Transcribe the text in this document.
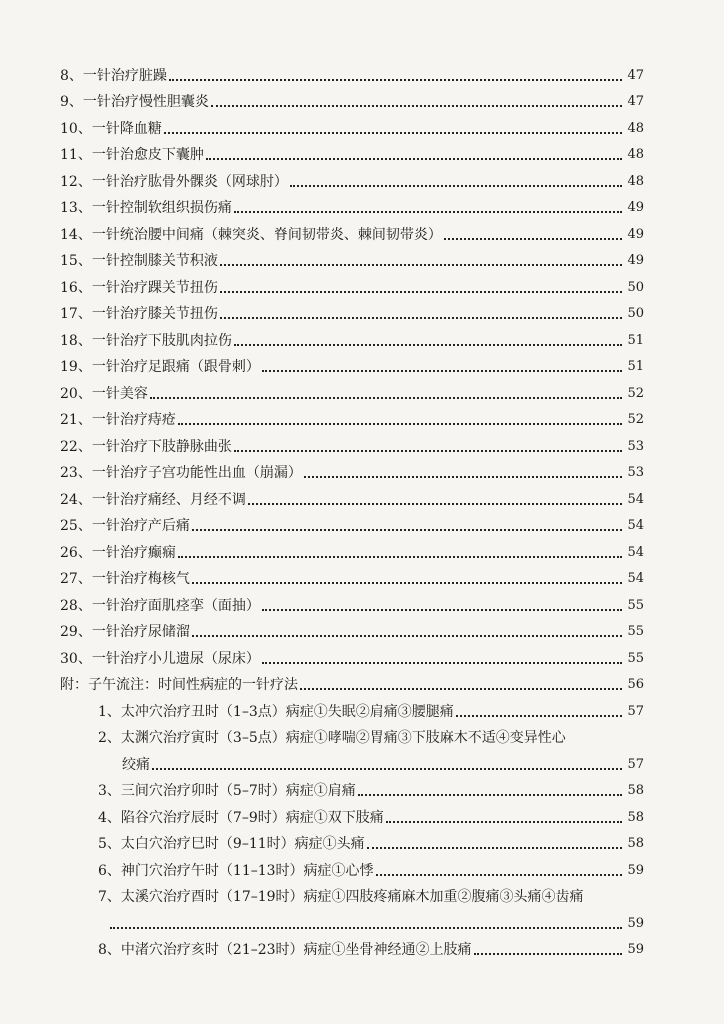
8、 一针治疗脏躁	47
9、 一针治疗慢性胆囊炎	47
10、 一针降血糖	48
11、 一针治愈皮下囊肿	48
12、 一针治疗肱骨外髁炎（网球肘）	48
13、 一针控制软组织损伤痛	49
14、 一针统治腰中间痛（棘突炎、脊间韧带炎、棘间韧带炎）	49
15、 一针控制膝关节积液	49
16、 一针治疗踝关节扭伤	50
17、 一针治疗膝关节扭伤	50
18、 一针治疗下肢肌肉拉伤	51
19、 一针治疗足跟痛（跟骨刺）	51
20、 一针美容	52
21、 一针治疗痔疮	52
22、 一针治疗下肢静脉曲张	53
23、 一针治疗子宫功能性出血（崩漏）	53
24、 一针治疗痛经、月经不调	54
25、 一针治疗产后痛	54
26、 一针治疗癫痫	54
27、 一针治疗梅核气	54
28、 一针治疗面肌痉挛（面抽）	55
29、 一针治疗尿储溜	55
30、 一针治疗小儿遗尿（尿床）	55
附： 子午流注：时间性病症的一针疗法	56
1、 太冲穴治疗丑时（1–3点）病症①失眠②肩痛③腰腿痛	57
2、 太渊穴治疗寅时（3–5点）病症①哮喘②胃痛③下肢麻木不适④变异性心
绞痛	57
3、 三间穴治疗卯时（5–7时）病症①肩痛	58
4、 陷谷穴治疗辰时（7–9时）病症①双下肢痛	58
5、 太白穴治疗巳时（9–11时）病症①头痛	58
6、 神门穴治疗午时（11–13时）病症①心悸	59
7、 太溪穴治疗酉时（17–19时）病症①四肢疼痛麻木加重②腹痛③头痛④齿痛
59
8、 中渚穴治疗亥时（21–23时）病症①坐骨神经通②上肢痛	59
